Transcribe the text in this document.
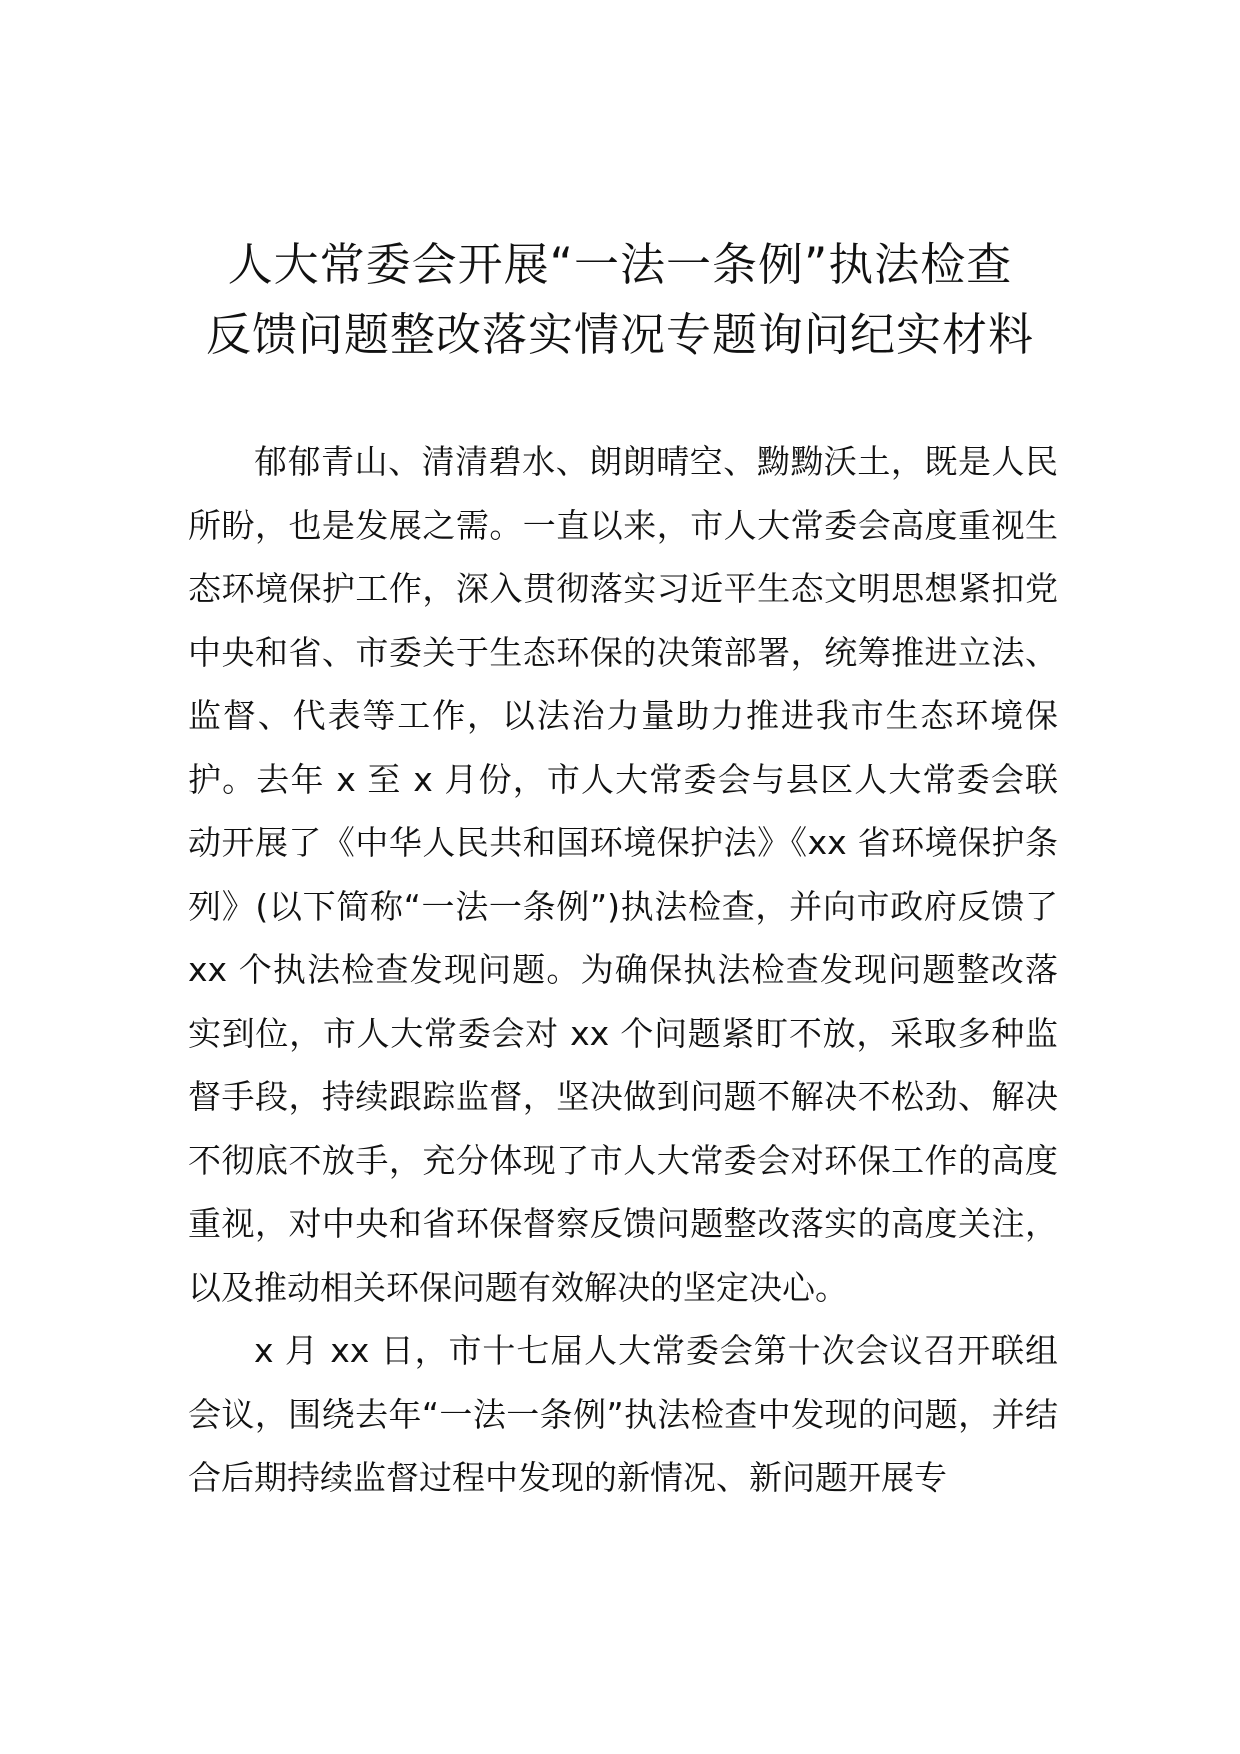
人大常委会开展“一法一条例”执法检查
反馈问题整改落实情况专题询问纪实材料

郁郁青山、清清碧水、朗朗晴空、黝黝沃土，既是人民所盼，也是发展之需。一直以来，市人大常委会高度重视生态环境保护工作，深入贯彻落实习近平生态文明思想紧扣党中央和省、市委关于生态环保的决策部署，统筹推进立法、监督、代表等工作，以法治力量助力推进我市生态环境保护。去年 x 至 x 月份，市人大常委会与县区人大常委会联动开展了《中华人民共和国环境保护法》《xx 省环境保护条列》(以下简称“一法一条例”)执法检查，并向市政府反馈了 xx 个执法检查发现问题。为确保执法检查发现问题整改落实到位，市人大常委会对 xx 个问题紧盯不放，采取多种监督手段，持续跟踪监督，坚决做到问题不解决不松劲、解决不彻底不放手，充分体现了市人大常委会对环保工作的高度重视，对中央和省环保督察反馈问题整改落实的高度关注，以及推动相关环保问题有效解决的坚定决心。

x 月 xx 日，市十七届人大常委会第十次会议召开联组会议，围绕去年“一法一条例”执法检查中发现的问题，并结合后期持续监督过程中发现的新情况、新问题开展专
